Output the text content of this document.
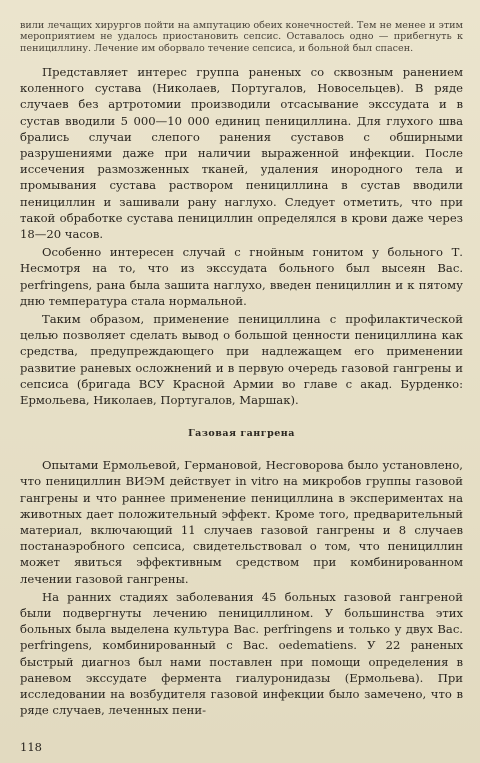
вили лечащих хирургов пойти на ампутацию обеих конечностей. Тем не менее и этим мероприятием не удалось приостановить сепсис. Оставалось одно — прибегнуть к пенициллину. Лечение им оборвало течение сепсиса, и больной был спасен.

Представляет интерес группа раненых со сквозным ранением коленного сустава (Николаев, Португалов, Новосельцев). В ряде случаев без артротомии производили отсасывание экссудата и в сустав вводили 5 000—10 000 единиц пенициллина. Для глухого шва брались случаи слепого ранения суставов с обширными разрушениями даже при наличии выраженной инфекции. После иссечения размозженных тканей, удаления инородного тела и промывания сустава раствором пенициллина в сустав вводили пенициллин и зашивали рану наглухо. Следует отметить, что при такой обработке сустава пенициллин определялся в крови даже через 18—20 часов.

Особенно интересен случай с гнойным гонитом у больного Т. Несмотря на то, что из экссудата больного был высеян Вас. perfringens, рана была зашита наглухо, введен пенициллин и к пятому дню температура стала нормальной.

Таким образом, применение пенициллина с профилактической целью позволяет сделать вывод о большой ценности пенициллина как средства, предупреждающего при надлежащем его применении развитие раневых осложнений и в первую очередь газовой гангрены и сепсиса (бригада ВСУ Красной Армии во главе с акад. Бурденко: Ермольева, Николаев, Португалов, Маршак).

Газовая гангрена

Опытами Ермольевой, Германовой, Несговорова было установлено, что пенициллин ВИЭМ действует in vitro на микробов группы газовой гангрены и что раннее применение пенициллина в экспериментах на животных дает положительный эффект. Кроме того, предварительный материал, включающий 11 случаев газовой гангрены и 8 случаев постанаэробного сепсиса, свидетельствовал о том, что пенициллин может явиться эффективным средством при комбинированном лечении газовой гангрены.

На ранних стадиях заболевания 45 больных газовой гангреной были подвергнуты лечению пенициллином. У большинства этих больных была выделена культура Вас. perfringens и только у двух Вас. perfringens, комбинированный с Вас. oedematiens. У 22 раненых быстрый диагноз был нами поставлен при помощи определения в раневом экссудате фермента гиалуронидазы (Ермольева). При исследовании на возбудителя газовой инфекции было замечено, что в ряде случаев, леченных пени-

118
